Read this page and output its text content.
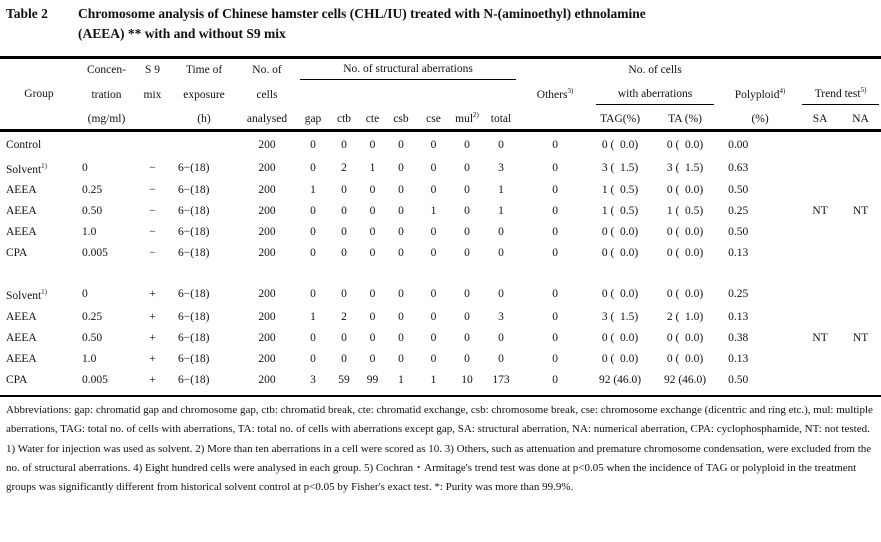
Table 2 Chromosome analysis of Chinese hamster cells (CHL/IU) treated with N-(aminoethyl) ethnolamine
(AEEA) ** with and without S9 mix
Group	Concen-	S 9	Time of	No. of	No. of structural aberrations								No. of cells				
	tration	mix	exposure	cells								Others$^{3)}$	with aberrations		Polyploid$^{4)}$	Trend test$^{5)}$

	(mg/ml)		(h)	analysed	gap	ctb	cte	csb	cse	mul$^{2)}$	total		TAG(%)	TA (%)	(%)	SA	NA
Control				200	0	0	0	0	0	0	0	0	0 (  0.0)	0 (  0.0)	0.00		
Solvent$^{1)}$	0	−	6−(18)	200	0	2	1	0	0	0	3	0	3 (  1.5)	3 (  1.5)	0.63		
AEEA	0.25	−	6−(18)	200	1	0	0	0	0	0	1	0	1 (  0.5)	0 (  0.0)	0.50		
AEEA	0.50	−	6−(18)	200	0	0	0	0	1	0	1	0	1 (  0.5)	1 (  0.5)	0.25	NT	NT
AEEA	1.0	−	6−(18)	200	0	0	0	0	0	0	0	0	0 (  0.0)	0 (  0.0)	0.50		
CPA	0.005	−	6−(18)	200	0	0	0	0	0	0	0	0	0 (  0.0)	0 (  0.0)	0.13		

Solvent$^{1)}$	0	+	6−(18)	200	0	0	0	0	0	0	0	0	0 (  0.0)	0 (  0.0)	0.25		
AEEA	0.25	+	6−(18)	200	1	2	0	0	0	0	3	0	3 (  1.5)	2 (  1.0)	0.13		
AEEA	0.50	+	6−(18)	200	0	0	0	0	0	0	0	0	0 (  0.0)	0 (  0.0)	0.38	NT	NT
AEEA	1.0	+	6−(18)	200	0	0	0	0	0	0	0	0	0 (  0.0)	0 (  0.0)	0.13		
CPA	0.005	+	6−(18)	200	3	59	99	1	1	10	173	0	92 (46.0)	92 (46.0)	0.50		

Abbreviations: gap: chromatid gap and chromosome gap, ctb: chromatid break, cte: chromatid exchange, csb: chromosome break, cse: chromosome exchange (dicentric and ring etc.), mul: multiple aberrations, TAG: total no. of cells with aberrations, TA: total no. of cells with aberrations except gap, SA: structural aberration, NA: numerical aberration, CPA: cyclophosphamide, NT: not tested. 1) Water for injection was used as solvent. 2) More than ten aberrations in a cell were scored as 10. 3) Others, such as attenuation and premature chromosome condensation, were excluded from the no. of structural aberrations. 4) Eight hundred cells were analysed in each group. 5) Cochran・Armitage's trend test was done at p<0.05 when the incidence of TAG or polyploid in the treatment groups was significantly different from historical solvent control at p<0.05 by Fisher's exact test. *: Purity was more than 99.9%.
